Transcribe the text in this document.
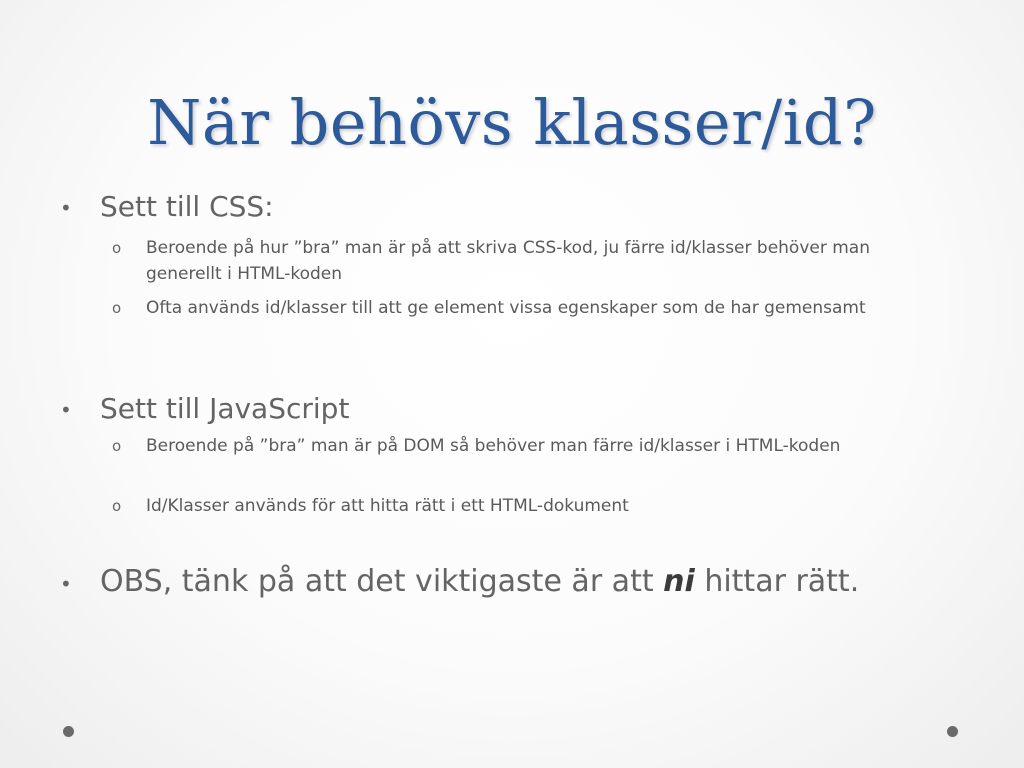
När behövs klasser/id?
• Sett till CSS:
o Beroende på hur ”bra” man är på att skriva CSS-kod, ju färre id/klasser behöver man generellt i HTML-koden
o Ofta används id/klasser till att ge element vissa egenskaper som de har gemensamt
• Sett till JavaScript
o Beroende på ”bra” man är på DOM så behöver man färre id/klasser i HTML-koden
o Id/Klasser används för att hitta rätt i ett HTML-dokument
• OBS, tänk på att det viktigaste är att ni hittar rätt.
